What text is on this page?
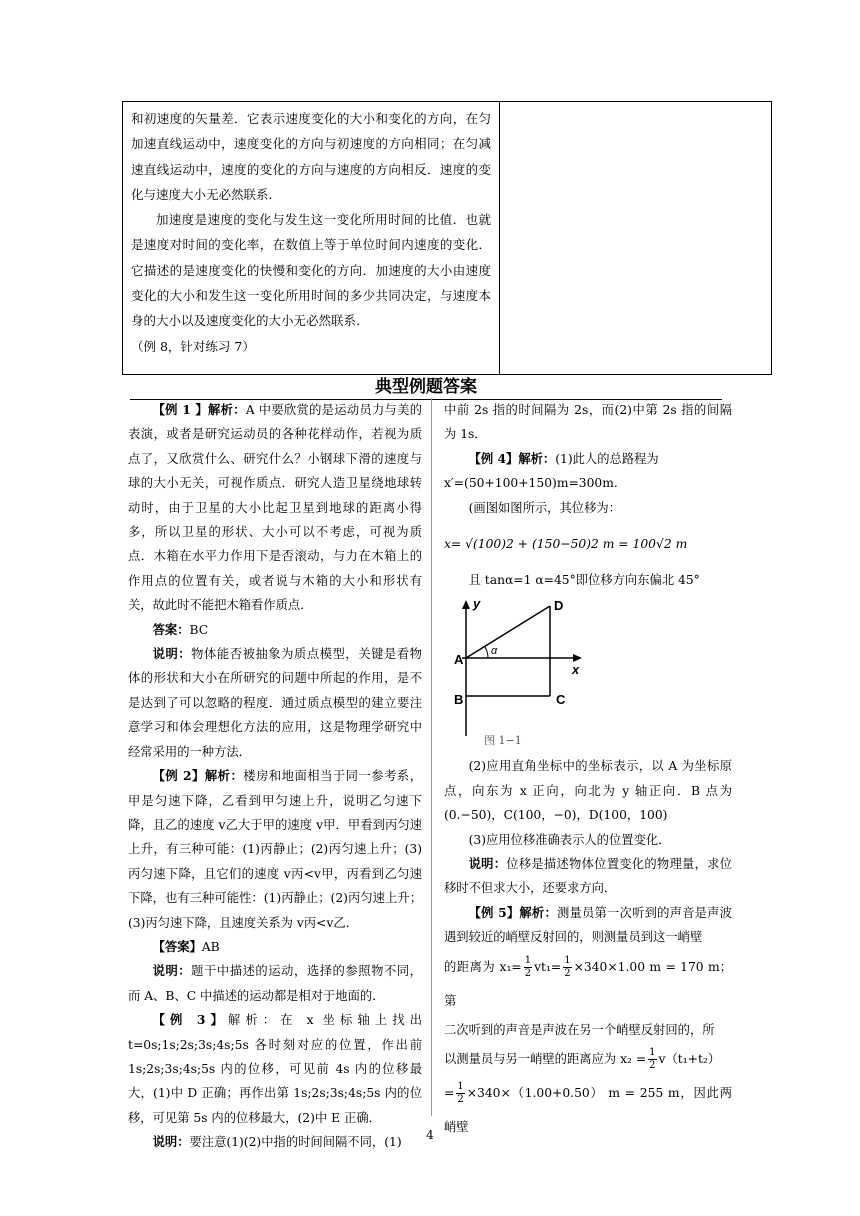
和初速度的矢量差．它表示速度变化的大小和变化的方向，在匀加速直线运动中，速度变化的方向与初速度的方向相同；在匀减速直线运动中，速度的变化的方向与速度的方向相反．速度的变化与速度大小无必然联系．

加速度是速度的变化与发生这一变化所用时间的比值．也就是速度对时间的变化率，在数值上等于单位时间内速度的变化．它描述的是速度变化的快慢和变化的方向．加速度的大小由速度变化的大小和发生这一变化所用时间的多少共同决定，与速度本身的大小以及速度变化的大小无必然联系．

（例 8，针对练习 7）

典型例题答案

【例 1 】解析：A 中要欣赏的是运动员力与美的表演，或者是研究运动员的各种花样动作，若视为质点了，又欣赏什么、研究什么？小钢球下滑的速度与球的大小无关，可视作质点．研究人造卫星绕地球转动时，由于卫星的大小比起卫星到地球的距离小得多，所以卫星的形状、大小可以不考虑，可视为质点．木箱在水平力作用下是否滚动，与力在木箱上的作用点的位置有关，或者说与木箱的大小和形状有关，故此时不能把木箱看作质点．

答案：BC

说明：物体能否被抽象为质点模型，关键是看物体的形状和大小在所研究的问题中所起的作用，是不是达到了可以忽略的程度．通过质点模型的建立要注意学习和体会理想化方法的应用，这是物理学研究中经常采用的一种方法．

【例 2】解析：楼房和地面相当于同一参考系，甲是匀速下降，乙看到甲匀速上升，说明乙匀速下降，且乙的速度 v乙大于甲的速度 v甲．甲看到丙匀速上升，有三种可能：(1)丙静止；(2)丙匀速上升；(3)丙匀速下降，且它们的速度 v丙<v甲，丙看到乙匀速下降，也有三种可能性：(1)丙静止；(2)丙匀速上升；(3)丙匀速下降，且速度关系为 v丙<v乙．

【答案】AB

说明：题干中描述的运动，选择的参照物不同，而 A、B、C 中描述的运动都是相对于地面的．

【例 3】解析：在 x 坐标轴上找出 t=0s;1s;2s;3s;4s;5s 各时刻对应的位置，作出前 1s;2s;3s;4s;5s 内的位移，可见前 4s 内的位移最大，(1)中 D 正确；再作出第 1s;2s;3s;4s;5s 内的位移，可见第 5s 内的位移最大，(2)中 E 正确．

说明：要注意(1)(2)中指的时间间隔不同，(1)

中前 2s 指的时间隔为 2s，而(2)中第 2s 指的间隔为 1s．

【例 4】解析：(1)此人的总路程为

x′=(50+100+150)m=300m.

(画图如图所示，其位移为：

x= √(100)2 + (150−50)2 m = 100√2 m

且 tanα=1 α=45°即位移方向东偏北 45°

y
x
A
B	C
D
α
图 1−1

(2)应用直角坐标中的坐标表示，以 A 为坐标原点，向东为 x 正向，向北为 y 轴正向．B 点为(0.−50)，C(100，−0)，D(100，100)

(3)应用位移准确表示人的位置变化．

说明：位移是描述物体位置变化的物理量，求位移时不但求大小，还要求方向．

【例 5】解析：测量员第一次听到的声音是声波遇到较近的峭壁反射回的，则测量员到这一峭壁

的距离为 $x_1= \frac{1}{2} vt_1= \frac{1}{2} \times 340\times 1.00$ m = 170 m；第

二次听到的声音是声波在另一个峭壁反射回的，所

以测量员与另一峭壁的距离应为 $x_2 = \frac{1}{2} v(t_1+t_2)$

= $\frac{1}{2} \times 340\times(1.00+0.50) m = 255$ m，因此两峭壁

4
